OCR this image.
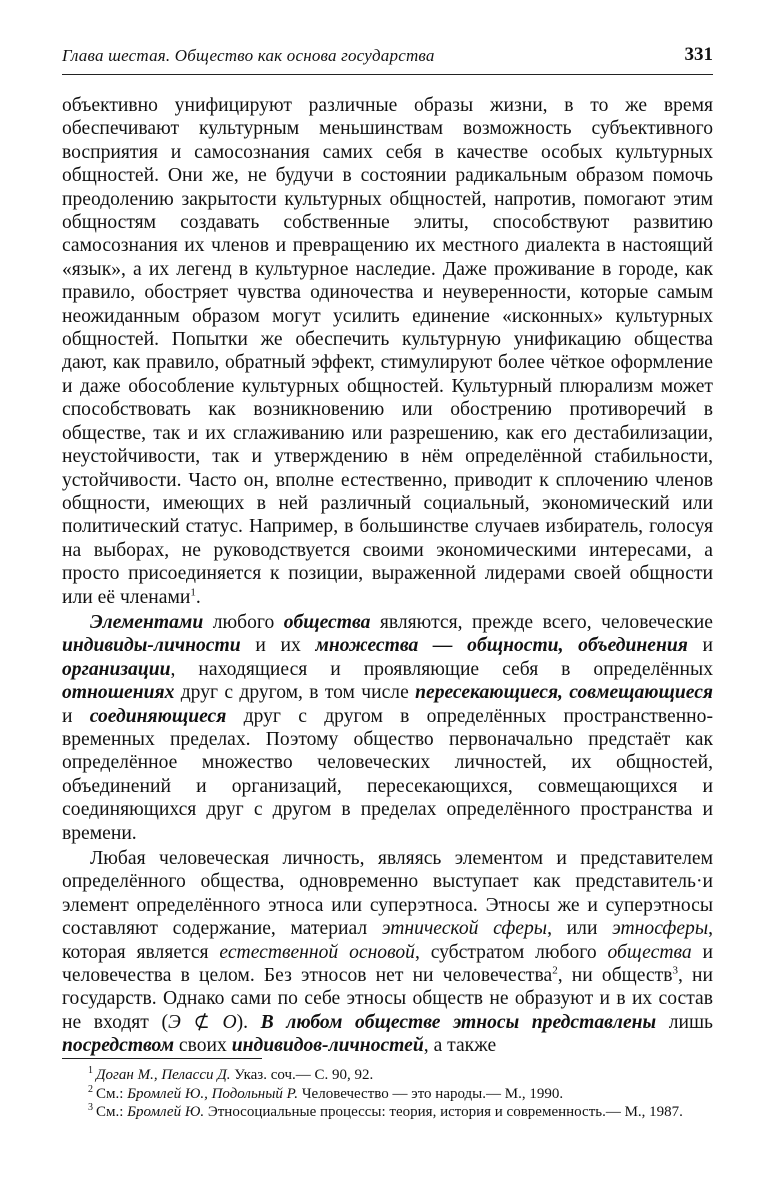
Глава шестая. Общество как основа государства	331

объективно унифицируют различные образы жизни, в то же время обеспечивают культурным меньшинствам возможность субъективного восприятия и самосознания самих себя в качестве особых культурных общностей. Они же, не будучи в состоянии радикальным образом помочь преодолению закрытости культурных общностей, напротив, помогают этим общностям создавать собственные элиты, способствуют развитию самосознания их членов и превращению их местного диалекта в настоящий «язык», а их легенд в культурное наследие. Даже проживание в городе, как правило, обостряет чувства одиночества и неуверенности, которые самым неожиданным образом могут усилить единение «исконных» культурных общностей. Попытки же обеспечить культурную унификацию общества дают, как правило, обратный эффект, стимулируют более чёткое оформление и даже обособление культурных общностей. Культурный плюрализм может способствовать как возникновению или обострению противоречий в обществе, так и их сглаживанию или разрешению, как его дестабилизации, неустойчивости, так и утверждению в нём определённой стабильности, устойчивости. Часто он, вполне естественно, приводит к сплочению членов общности, имеющих в ней различный социальный, экономический или политический статус. Например, в большинстве случаев избиратель, голосуя на выборах, не руководствуется своими экономическими интересами, а просто присоединяется к позиции, выраженной лидерами своей общности или её членами$^1$.

Элементами любого общества являются, прежде всего, человеческие индивиды-личности и их множества — общности, объединения и организации, находящиеся и проявляющие себя в определённых отношениях друг с другом, в том числе пересекающиеся, совмещающиеся и соединяющиеся друг с другом в определённых пространственно-временных пределах. Поэтому общество первоначально предстаёт как определённое множество человеческих личностей, их общностей, объединений и организаций, пересекающихся, совмещающихся и соединяющихся друг с другом в пределах определённого пространства и времени.

Любая человеческая личность, являясь элементом и представителем определённого общества, одновременно выступает как представитель·и элемент определённого этноса или суперэтноса. Этносы же и суперэтносы составляют содержание, материал этнической сферы, или этносферы, которая является естественной основой, субстратом любого общества и человечества в целом. Без этносов нет ни человечества$^2$, ни обществ$^3$, ни государств. Однако сами по себе этносы обществ не образуют и в их состав не входят (Э ⊄ О). В любом обществе этносы представлены лишь посредством своих индивидов-личностей, а также

$^1$ Доган М., Пеласси Д. Указ. соч.— С. 90, 92.

$^2$ См.: Бромлей Ю., Подольный Р. Человечество — это народы.— М., 1990.

$^3$ См.: Бромлей Ю. Этносоциальные процессы: теория, история и современность.— М., 1987.
